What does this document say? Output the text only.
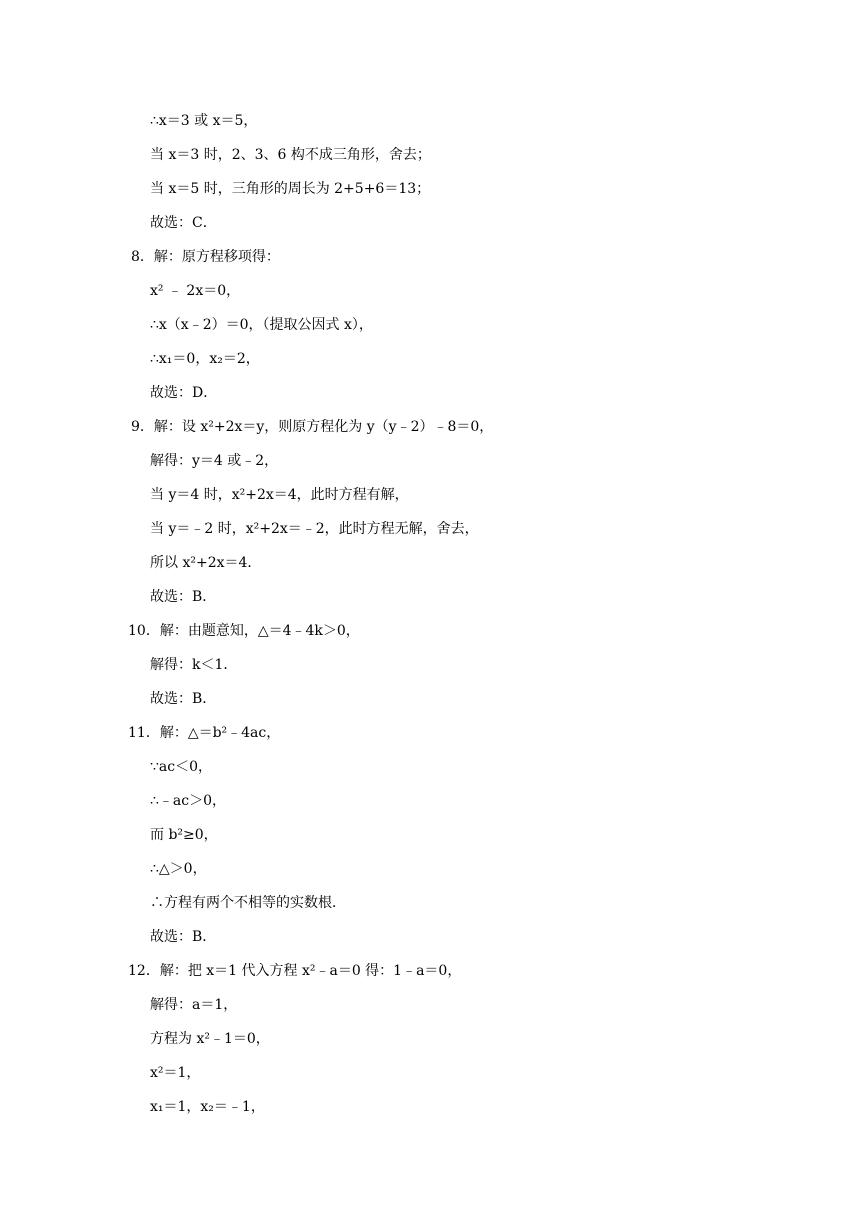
∴x＝3 或 x＝5，
当 x＝3 时，2、3、6 构不成三角形，舍去；
当 x＝5 时，三角形的周长为 2+5+6＝13；
故选：C．
8．解：原方程移项得：
x² ﹣ 2x＝0，
∴x（x﹣2）＝0，（提取公因式 x），
∴x₁＝0，x₂＝2，
故选：D．
9．解：设 x²+2x＝y，则原方程化为 y（y﹣2）﹣8＝0，
解得：y＝4 或﹣2，
当 y＝4 时，x²+2x＝4，此时方程有解，
当 y＝﹣2 时，x²+2x＝﹣2，此时方程无解，舍去，
所以 x²+2x＝4．
故选：B．
10．解：由题意知，△＝4﹣4k＞0，
解得：k＜1．
故选：B．
11．解：△＝b²﹣4ac，
∵ac＜0，
∴﹣ac＞0，
而 b²≥0，
∴△＞0，
∴方程有两个不相等的实数根．
故选：B．
12．解：把 x＝1 代入方程 x²﹣a＝0 得：1﹣a＝0，
解得：a＝1，
方程为 x²﹣1＝0，
x²＝1，
x₁＝1，x₂＝﹣1，
